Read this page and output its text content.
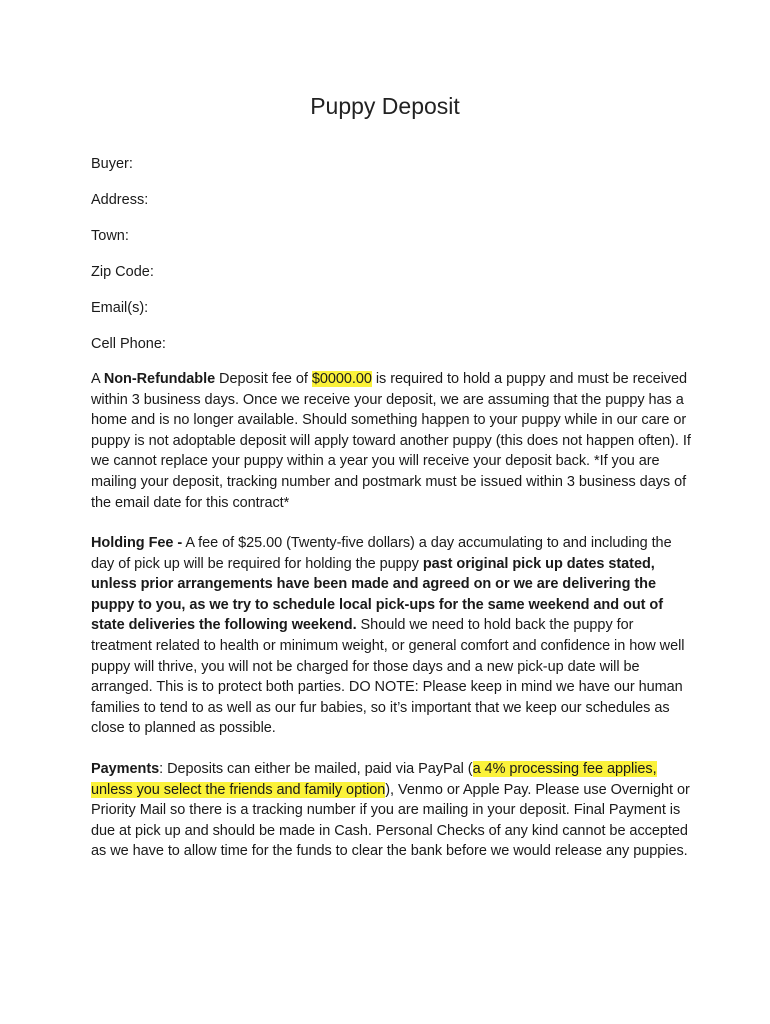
Puppy Deposit

Buyer:

Address:

Town:

Zip Code:

Email(s):

Cell Phone:

A Non-Refundable Deposit fee of $0000.00 is required to hold a puppy and must be received within 3 business days. Once we receive your deposit, we are assuming that the puppy has a home and is no longer available. Should something happen to your puppy while in our care or puppy is not adoptable deposit will apply toward another puppy (this does not happen often). If we cannot replace your puppy within a year you will receive your deposit back. *If you are mailing your deposit, tracking number and postmark must be issued within 3 business days of the email date for this contract*

Holding Fee - A fee of $25.00 (Twenty-five dollars) a day accumulating to and including the day of pick up will be required for holding the puppy past original pick up dates stated, unless prior arrangements have been made and agreed on or we are delivering the puppy to you, as we try to schedule local pick-ups for the same weekend and out of state deliveries the following weekend. Should we need to hold back the puppy for treatment related to health or minimum weight, or general comfort and confidence in how well puppy will thrive, you will not be charged for those days and a new pick-up date will be arranged. This is to protect both parties. DO NOTE: Please keep in mind we have our human families to tend to as well as our fur babies, so it’s important that we keep our schedules as close to planned as possible.

Payments: Deposits can either be mailed, paid via PayPal (a 4% processing fee applies, unless you select the friends and family option), Venmo or Apple Pay. Please use Overnight or Priority Mail so there is a tracking number if you are mailing in your deposit. Final Payment is due at pick up and should be made in Cash. Personal Checks of any kind cannot be accepted as we have to allow time for the funds to clear the bank before we would release any puppies.
